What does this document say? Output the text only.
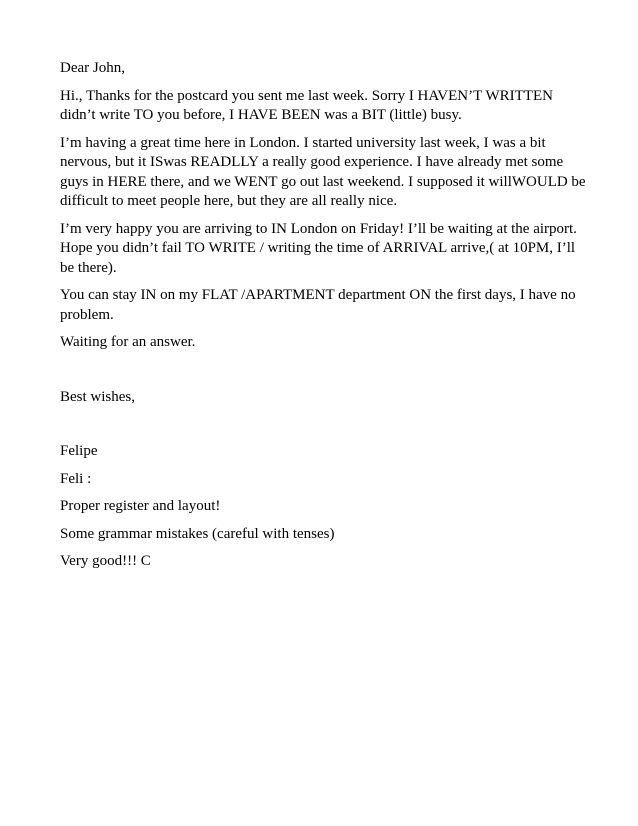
Dear John,

Hi., Thanks for the postcard you sent me last week. Sorry I HAVEN’T WRITTEN  didn’t write TO you before, I HAVE BEEN was a BIT (little) busy.

I’m having a great time here in London. I started university last week, I was a bit nervous, but it ISwas READLLY a really good experience. I have already met some guys in HERE there, and we WENT go out last weekend. I supposed it willWOULD be difficult to meet people here, but they are all really nice.

I’m very happy you are arriving to IN London on Friday! I’ll be waiting at the airport. Hope you didn’t fail TO WRITE / writing the time of ARRIVAL arrive,( at 10PM, I’ll be there).

You can stay IN on my FLAT /APARTMENT department ON the first days, I have no problem.

Waiting for an answer.

Best wishes,

Felipe

Feli :

Proper register and layout!

Some grammar mistakes (careful with tenses)

Very good!!! C
